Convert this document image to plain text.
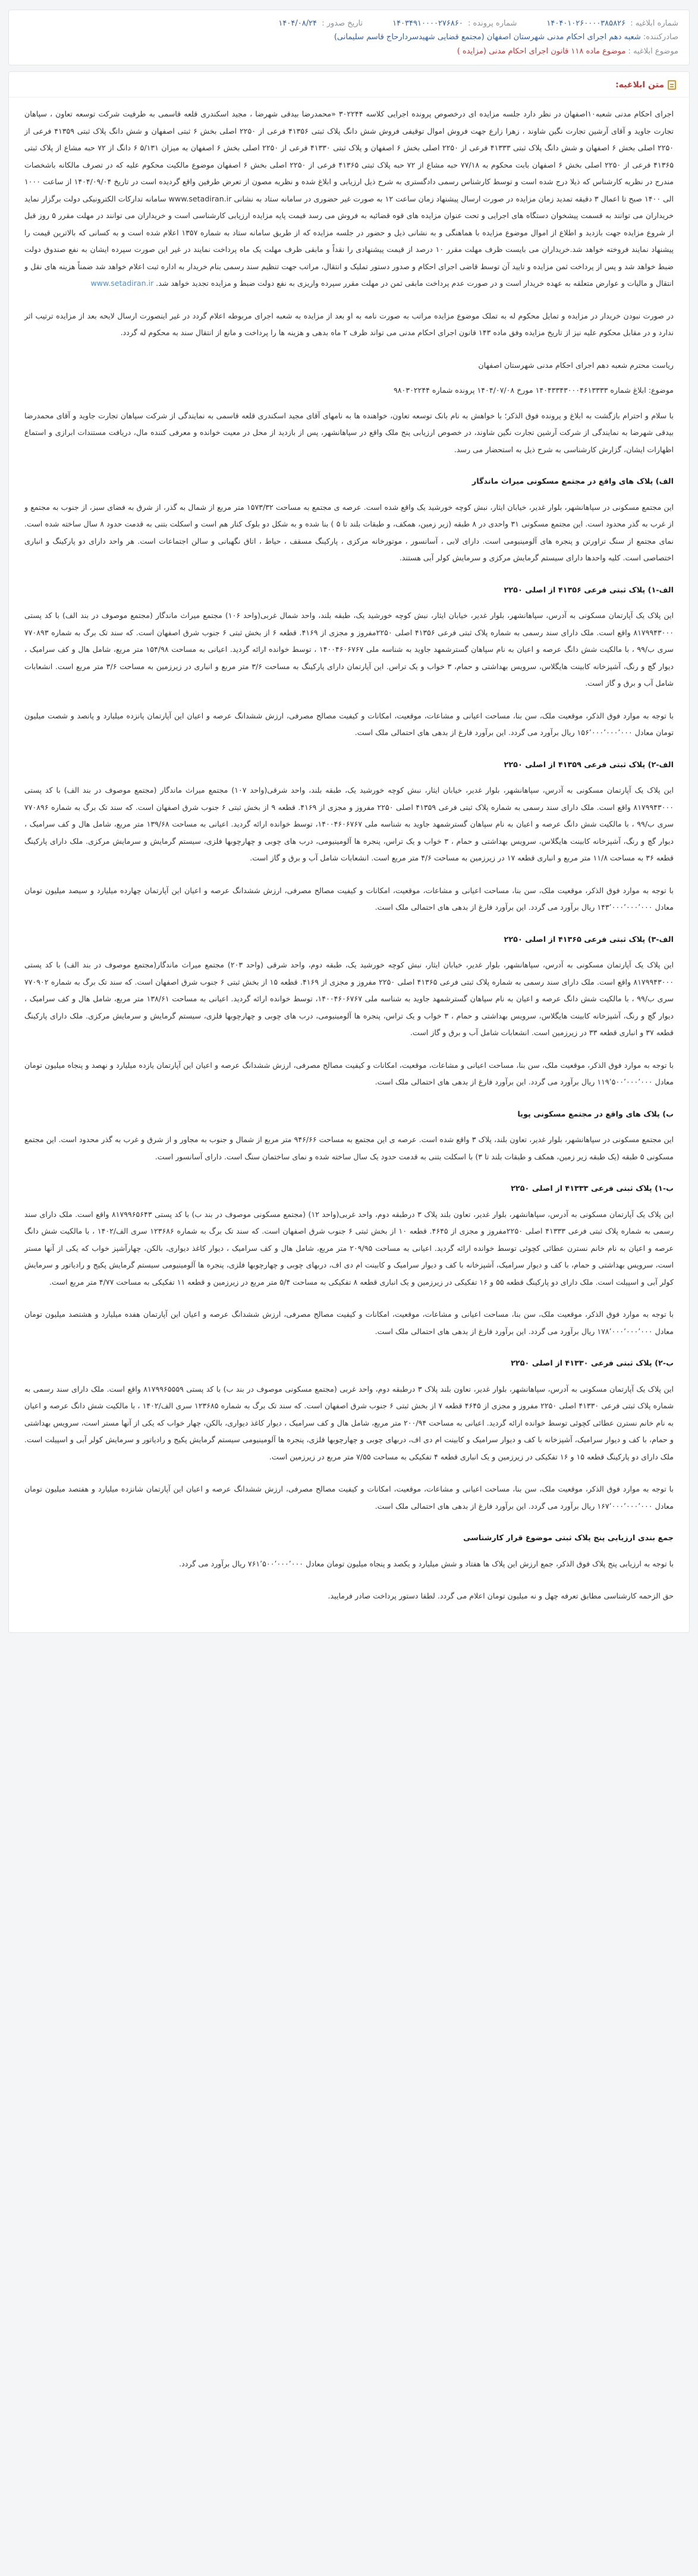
شماره ابلاغیه : ۱۴۰۴۰۱۰۲۶۰۰۰۰۳۸۵۸۲۶
شماره پرونده : ۱۴۰۳۴۹۱۰۰۰۰۲۷۶۸۶۰
تاریخ صدور : ۱۴۰۴/۰۸/۲۴
صادرکننده: شعبه دهم اجرای احکام مدنی شهرستان اصفهان (مجتمع قضایی شهیدسردارحاج قاسم سلیمانی)
موضوع ابلاغیه : موضوع ماده ۱۱۸ قانون اجرای احکام مدنی (مزایده )
متن ابلاغیه:

اجرای احکام مدنی شعبه۱۰اصفهان در نظر دارد جلسه مزایده ای درخصوص پرونده اجرایی کلاسه ۳۰۲۲۴۴ «محمدرضا بیدقی شهرضا ، مجید اسکندری قلعه قاسمی به طرفیت شرکت توسعه تعاون ، سپاهان تجارت جاوید و آقای آرشین تجارت نگین شاوند ، زهرا زارع جهت فروش اموال توقیفی فروش شش دانگ پلاک ثبتی ۴۱۳۵۶ فرعی از ۲۲۵۰ اصلی بخش ۶ ثبتی اصفهان و شش دانگ پلاک ثبتی ۴۱۳۵۹ فرعی از ۲۲۵۰ اصلی بخش ۶ اصفهان و شش دانگ پلاک ثبتی ۴۱۳۳۳ فرعی از ۲۲۵۰ اصلی بخش ۶ اصفهان و پلاک ثبتی ۴۱۳۳۰ فرعی از ۲۲۵۰ اصلی بخش ۶ اصفهان به میزان ۵/۱۳۱ ۶ دانگ از ۷۲ حبه مشاع از پلاک ثبتی ۴۱۳۶۵ فرعی از ۲۲۵۰ اصلی بخش ۶ اصفهان بابت محکوم به ۷۷/۱۸ حبه مشاع از ۷۲ حبه پلاک ثبتی ۴۱۳۶۵ فرعی از ۲۲۵۰ اصلی بخش ۶ اصفهان موضوع مالکیت محکوم علیه که در تصرف مالکانه باشخصات مندرج در نظریه کارشناس که ذیلا درج شده است و توسط کارشناس رسمی دادگستری به شرح ذیل ارزیابی و ابلاغ شده و نظریه مصون از تعرض طرفین واقع گردیده است در تاریخ ۱۴۰۴/۰۹/۰۴ از ساعت ۱۰۰۰ الی ۱۴۰۰ صبح تا اعمال ۳ دقیقه تمدید زمان مزایده در صورت ارسال پیشنهاد زمان ساعت ۱۲ به صورت غیر حضوری در سامانه ستاد به نشانی www.setadiran.ir سامانه تدارکات الکترونیکی دولت برگزار نماید خریداران می توانند به قسمت پیشخوان دستگاه های اجرایی و تحت عنوان مزایده های قوه قضائیه به فروش می رسد قیمت پایه مزایده ارزیابی کارشناسی است و خریداران می توانند در مهلت مقرر ۵ روز قبل از شروع مزایده جهت بازدید و اطلاع از اموال موضوع مزایده با هماهنگی و به نشانی ذیل و حضور در جلسه مزایده که از طریق سامانه ستاد به شماره ۱۳۵۷ اعلام شده است و به کسانی که بالاترین قیمت را پیشنهاد نمایند فروخته خواهد شد.خریداران می بایست ظرف مهلت مقرر ۱۰ درصد از قیمت پیشنهادی را نقداً و مابقی ظرف مهلت یک ماه پرداخت نمایند در غیر این صورت سپرده ایشان به نفع صندوق دولت ضبط خواهد شد و پس از پرداخت ثمن مزایده و تایید آن توسط قاضی اجرای احکام و صدور دستور تملیک و انتقال، مراتب جهت تنظیم سند رسمی بنام خریدار به اداره ثبت اعلام خواهد شد ضمناً هزینه های نقل و انتقال و مالیات و عوارض متعلقه به عهده خریدار است و در صورت عدم پرداخت مابقی ثمن در مهلت مقرر سپرده واریزی به نفع دولت ضبط و مزایده تجدید خواهد شد. www.setadiran.ir

در صورت نبودن خریدار در مزایده و تمایل محکوم له به تملک موضوع مزایده مراتب به صورت نامه به او بعد از مزایده به شعبه اجرای مربوطه اعلام گردد در غیر اینصورت ارسال لایحه بعد از مزایده ترتیب اثر ندارد و در مقابل محکوم علیه نیز از تاریخ مزایده وفق ماده ۱۴۳ قانون اجرای احکام مدنی می تواند ظرف ۲ ماه بدهی و هزینه ها را پرداخت و مانع از انتقال سند به محکوم له گردد.

ریاست محترم شعبه دهم اجرای احکام مدنی شهرستان اصفهان

موضوع: ابلاغ شماره ۱۴۰۴۳۳۴۳۰۰۰۴۶۱۳۳۳۳ مورخ ۱۴۰۴/۰۷/۰۸ پرونده شماره ۹۸۰۳۰۲۲۴۴

با سلام و احترام بازگشت به ابلاغ و پرونده فوق الذکر؛ با خواهش به نام بانک توسعه تعاون، خواهنده ها به نامهای آقای مجید اسکندری قلعه قاسمی به نمایندگی از شرکت سپاهان تجارت جاوید و آقای محمدرضا بیدقی شهرضا به نمایندگی از شرکت آرشین تجارت نگین شاوند، در خصوص ارزیابی پنج ملک واقع در سپاهانشهر، پس از بازدید از محل در معیت خوانده و معرفی کننده مال، دریافت مستندات ابرازی و استماع اظهارات ایشان، گزارش کارشناسی به شرح ذیل به استحضار می رسد.

الف) پلاک های واقع در مجتمع مسکونی میراث ماندگار

این مجتمع مسکونی در سپاهانشهر، بلوار غدیر، خیابان ایثار، نبش کوچه خورشید یک واقع شده است. عرصه ی مجتمع به مساحت ۱۵۷۳/۳۲ متر مربع از شمال به گذر، از شرق به فضای سبز، از جنوب به مجتمع و از غرب به گذر محدود است. این مجتمع مسکونی ۳۱ واحدی در ۸ طبقه (زیر زمین، همکف، و طبقات بلند تا ۵ ) بنا شده و به شکل دو بلوک کنار هم است و اسکلت بتنی به قدمت حدود ۸ سال ساخته شده است. نمای مجتمع از سنگ تراورتن و پنجره های آلومینیومی است. دارای لابی ، آسانسور ، موتورخانه مرکزی ، پارکینگ مسقف ، حیاط ، اتاق نگهبانی و سالن اجتماعات است. هر واحد دارای دو پارکینگ و انباری اختصاصی است. کلیه واحدها دارای سیستم گرمایش مرکزی و سرمایش کولر آبی هستند.

الف-۱) پلاک ثبتی فرعی ۴۱۳۵۶ از اصلی ۲۲۵۰

این پلاک یک آپارتمان مسکونی به آدرس، سپاهانشهر، بلوار غدیر، خیابان ایثار، نبش کوچه خورشید یک، طبقه بلند، واحد شمال غربی(واحد ۱۰۶) مجتمع میراث ماندگار (مجتمع موصوف در بند الف) با کد پستی ۸۱۷۹۹۴۳۰۰۰ واقع است. ملک دارای سند رسمی به شماره پلاک ثبتی فرعی ۴۱۳۵۶ اصلی ۲۲۵۰مفروز و مجزی از ۴۱۶۹. قطعه ۶ از بخش ثبتی ۶ جنوب شرق اصفهان است. که سند تک برگ به شماره ۷۷۰۸۹۳ سری ب/۹۹ ، با مالکیت شش دانگ عرصه و اعیان به نام سپاهان گسترشمهد جاوید به شناسه ملی ۱۴۰۰۴۶۰۶۷۶۷ ، توسط خوانده ارائه گردید. اعیانی به مساحت ۱۵۴/۹۸ متر مربع، شامل هال و کف سرامیک ، دیوار گچ و رنگ، آشپزخانه کابینت هایگلاس، سرویس بهداشتی و حمام، ۳ خواب و یک تراس. این آپارتمان دارای پارکینگ به مساحت ۳/۶ متر مربع و انباری در زیرزمین به مساحت ۳/۶ متر مربع است. انشعابات شامل آب و برق و گاز است.

با توجه به موارد فوق الذکر، موقعیت ملک، سن بنا، مساحت اعیانی و مشاعات، موقعیت، امکانات و کیفیت مصالح مصرفی، ارزش ششدانگ عرصه و اعیان این آپارتمان پانزده میلیارد و پانصد و شصت میلیون تومان معادل ۱۵۶٬۰۰۰٬۰۰۰٬۰۰۰ ریال برآورد می گردد. این برآورد فارغ از بدهی های احتمالی ملک است.

الف-۲) پلاک ثبتی فرعی ۴۱۳۵۹ از اصلی ۲۲۵۰

این پلاک یک آپارتمان مسکونی به آدرس، سپاهانشهر، بلوار غدیر، خیابان ایثار، نبش کوچه خورشید یک، طبقه بلند، واحد شرقی(واحد ۱۰۷) مجتمع میراث ماندگار (مجتمع موصوف در بند الف) با کد پستی ۸۱۷۹۹۴۳۰۰۰ واقع است. ملک دارای سند رسمی به شماره پلاک ثبتی فرعی ۴۱۳۵۹ اصلی ۲۲۵۰ مفروز و مجزی از ۴۱۶۹. قطعه ۹ از بخش ثبتی ۶ جنوب شرق اصفهان است. که سند تک برگ به شماره ۷۷۰۸۹۶ سری ب/۹۹ ، با مالکیت شش دانگ عرصه و اعیان به نام سپاهان گسترشمهد جاوید به شناسه ملی ۱۴۰۰۴۶۰۶۷۶۷، توسط خوانده ارائه گردید. اعیانی به مساحت ۱۳۹/۶۸ متر مربع، شامل هال و کف سرامیک ، دیوار گچ و رنگ، آشپزخانه کابینت هایگلاس، سرویس بهداشتی و حمام ، ۳ خواب و یک تراس، پنجره ها آلومینیومی، درب های چوبی و چهارچوبها فلزی، سیستم گرمایش و سرمایش مرکزی. ملک دارای پارکینگ قطعه ۳۶ به مساحت ۱۱/۸ متر مربع و انباری قطعه ۱۷ در زیرزمین به مساحت ۴/۶ متر مربع است. انشعابات شامل آب و برق و گاز است.

با توجه به موارد فوق الذکر، موقعیت ملک، سن بنا، مساحت اعیانی و مشاعات، موقعیت، امکانات و کیفیت مصالح مصرفی، ارزش ششدانگ عرصه و اعیان این آپارتمان چهارده میلیارد و سیصد میلیون تومان معادل ۱۴۳٬۰۰۰٬۰۰۰٬۰۰۰ ریال برآورد می گردد. این برآورد فارغ از بدهی های احتمالی ملک است.

الف-۳) پلاک ثبتی فرعی ۴۱۳۶۵ از اصلی ۲۲۵۰

این پلاک یک آپارتمان مسکونی به آدرس، سپاهانشهر، بلوار غدیر، خیابان ایثار، نبش کوچه خورشید یک، طبقه دوم، واحد شرقی (واحد ۲۰۳) مجتمع میراث ماندگار(مجتمع موصوف در بند الف) با کد پستی ۸۱۷۹۹۴۳۰۰۰ واقع است. ملک دارای سند رسمی به شماره پلاک ثبتی فرعی ۴۱۳۶۵ اصلی ۲۲۵۰ مفروز و مجزی از ۴۱۶۹. قطعه ۱۵ از بخش ثبتی ۶ جنوب شرق اصفهان است. که سند تک برگ به شماره ۷۷۰۹۰۲ سری ب/۹۹ ، با مالکیت شش دانگ عرصه و اعیان به نام سپاهان گسترشمهد جاوید به شناسه ملی ۱۴۰۰۴۶۰۶۷۶۷، توسط خوانده ارائه گردید. اعیانی به مساحت ۱۳۸/۶۱ متر مربع، شامل هال و کف سرامیک ، دیوار گچ و رنگ، آشپزخانه کابینت هایگلاس، سرویس بهداشتی و حمام ، ۳ خواب و یک تراس، پنجره ها آلومینیومی، درب های چوبی و چهارچوبها فلزی، سیستم گرمایش و سرمایش مرکزی. ملک دارای پارکینگ قطعه ۳۷ و انباری قطعه ۳۳ در زیرزمین است. انشعابات شامل آب و برق و گاز است.

با توجه به موارد فوق الذکر، موقعیت ملک، سن بنا، مساحت اعیانی و مشاعات، موقعیت، امکانات و کیفیت مصالح مصرفی، ارزش ششدانگ عرصه و اعیان این آپارتمان یازده میلیارد و نهصد و پنجاه میلیون تومان معادل ۱۱۹٬۵۰۰٬۰۰۰٬۰۰۰ ریال برآورد می گردد. این برآورد فارغ از بدهی های احتمالی ملک است.

ب) پلاک های واقع در مجتمع مسکونی پویا

این مجتمع مسکونی در سپاهانشهر، بلوار غدیر، تعاون بلند، پلاک ۳ واقع شده است. عرصه ی این مجتمع به مساحت ۹۴۶/۶۶ متر مربع از شمال و جنوب به مجاور و از شرق و غرب به گذر محدود است. این مجتمع مسکونی ۵ طبقه (یک طبقه زیر زمین، همکف و طبقات بلند تا ۳) با اسکلت بتنی به قدمت حدود یک سال ساخته شده و نمای ساختمان سنگ است. دارای آسانسور است.

ب-۱) پلاک ثبتی فرعی ۴۱۳۳۳ از اصلی ۲۲۵۰

این پلاک یک آپارتمان مسکونی به آدرس، سپاهانشهر، بلوار غدیر، تعاون بلند پلاک ۳ درطبقه دوم، واحد غربی(واحد ۱۲) (مجتمع مسکونی موصوف در بند ب) با کد پستی ۸۱۷۹۹۶۵۶۴۳ واقع است. ملک دارای سند رسمی به شماره پلاک ثبتی فرعی ۴۱۳۳۳ اصلی ۲۲۵۰مفروز و مجزی از ۴۶۴۵. قطعه ۱۰ از بخش ثبتی ۶ جنوب شرق اصفهان است. که سند تک برگ به شماره ۱۲۳۶۸۶ سری الف/۱۴۰۲ ، با مالکیت شش دانگ عرصه و اعیان به نام خانم نسترن عطائی کچوئی توسط خوانده ارائه گردید. اعیانی به مساحت ۲۰۹/۹۵ متر مربع، شامل هال و کف سرامیک ، دیوار کاغذ دیواری، بالکن، چهارآشپز خواب که یکی از آنها مستر است، سرویس بهداشتی و حمام، با کف و دیوار سرامیک، آشپزخانه با کف و دیوار سرامیک و کابینت ام دی اف، دربهای چوبی و چهارچوبها فلزی، پنجره ها آلومینیومی سیستم گرمایش پکیج و رادیاتور و سرمایش کولر آبی و اسپیلت است. ملک دارای دو پارکینگ قطعه ۵۵ و ۱۶ تفکیکی در زیرزمین و یک انباری قطعه ۸ تفکیکی به مساحت ۵/۴ متر مربع در زیرزمین و قطعه ۱۱ تفکیکی به مساحت ۴/۷۷ متر مربع است.

با توجه به موارد فوق الذکر، موقعیت ملک، سن بنا، مساحت اعیانی و مشاعات، موقعیت، امکانات و کیفیت مصالح مصرفی، ارزش ششدانگ عرصه و اعیان این آپارتمان هفده میلیارد و هشتصد میلیون تومان معادل ۱۷۸٬۰۰۰٬۰۰۰٬۰۰۰ ریال برآورد می گردد. این برآورد فارغ از بدهی های احتمالی ملک است.

ب-۲) پلاک ثبتی فرعی ۴۱۳۳۰ از اصلی ۲۲۵۰

این پلاک یک آپارتمان مسکونی به آدرس، سپاهانشهر، بلوار غدیر، تعاون بلند پلاک ۳ درطبقه دوم، واحد غربی (مجتمع مسکونی موصوف در بند ب) با کد پستی ۸۱۷۹۹۶۵۵۵۹ واقع است. ملک دارای سند رسمی به شماره پلاک ثبتی فرعی ۴۱۳۳۰ اصلی ۲۲۵۰ مفروز و مجزی از ۴۶۴۵ قطعه ۷ از بخش ثبتی ۶ جنوب شرق اصفهان است. که سند تک برگ به شماره ۱۲۳۶۸۵ سری الف/۱۴۰۲ ، با مالکیت شش دانگ عرصه و اعیان به نام خانم نسترن عطائی کچوئی توسط خوانده ارائه گردید. اعیانی به مساحت ۲۰۰/۹۴ متر مربع، شامل هال و کف سرامیک ، دیوار کاغذ دیواری، بالکن، چهار خواب که یکی از آنها مستر است، سرویس بهداشتی و حمام، با کف و دیوار سرامیک، آشپزخانه با کف و دیوار سرامیک و کابینت ام دی اف، دربهای چوبی و چهارچوبها فلزی، پنجره ها آلومینیومی سیستم گرمایش پکیج و رادیاتور و سرمایش کولر آبی و اسپیلت است. ملک دارای دو پارکینگ قطعه ۱۵ و ۱۶ تفکیکی در زیرزمین و یک انباری قطعه ۴ تفکیکی به مساحت ۷/۵۵ متر مربع در زیرزمین است.

با توجه به موارد فوق الذکر، موقعیت ملک، سن بنا، مساحت اعیانی و مشاعات، موقعیت، امکانات و کیفیت مصالح مصرفی، ارزش ششدانگ عرصه و اعیان این آپارتمان شانزده میلیارد و هفتصد میلیون تومان معادل ۱۶۷٬۰۰۰٬۰۰۰٬۰۰۰ ریال برآورد می گردد. این برآورد فارغ از بدهی های احتمالی ملک است.

جمع بندی ارزیابی پنج پلاک ثبتی موضوع قرار کارشناسی

با توجه به ارزیابی پنج پلاک فوق الذکر، جمع ارزش این پلاک ها هفتاد و شش میلیارد و یکصد و پنجاه میلیون تومان معادل ۷۶۱٬۵۰۰٬۰۰۰٬۰۰۰ ریال برآورد می گردد.

حق الزحمه کارشناسی مطابق تعرفه چهل و نه میلیون تومان اعلام می گردد. لطفا دستور پرداخت صادر فرمایید.
